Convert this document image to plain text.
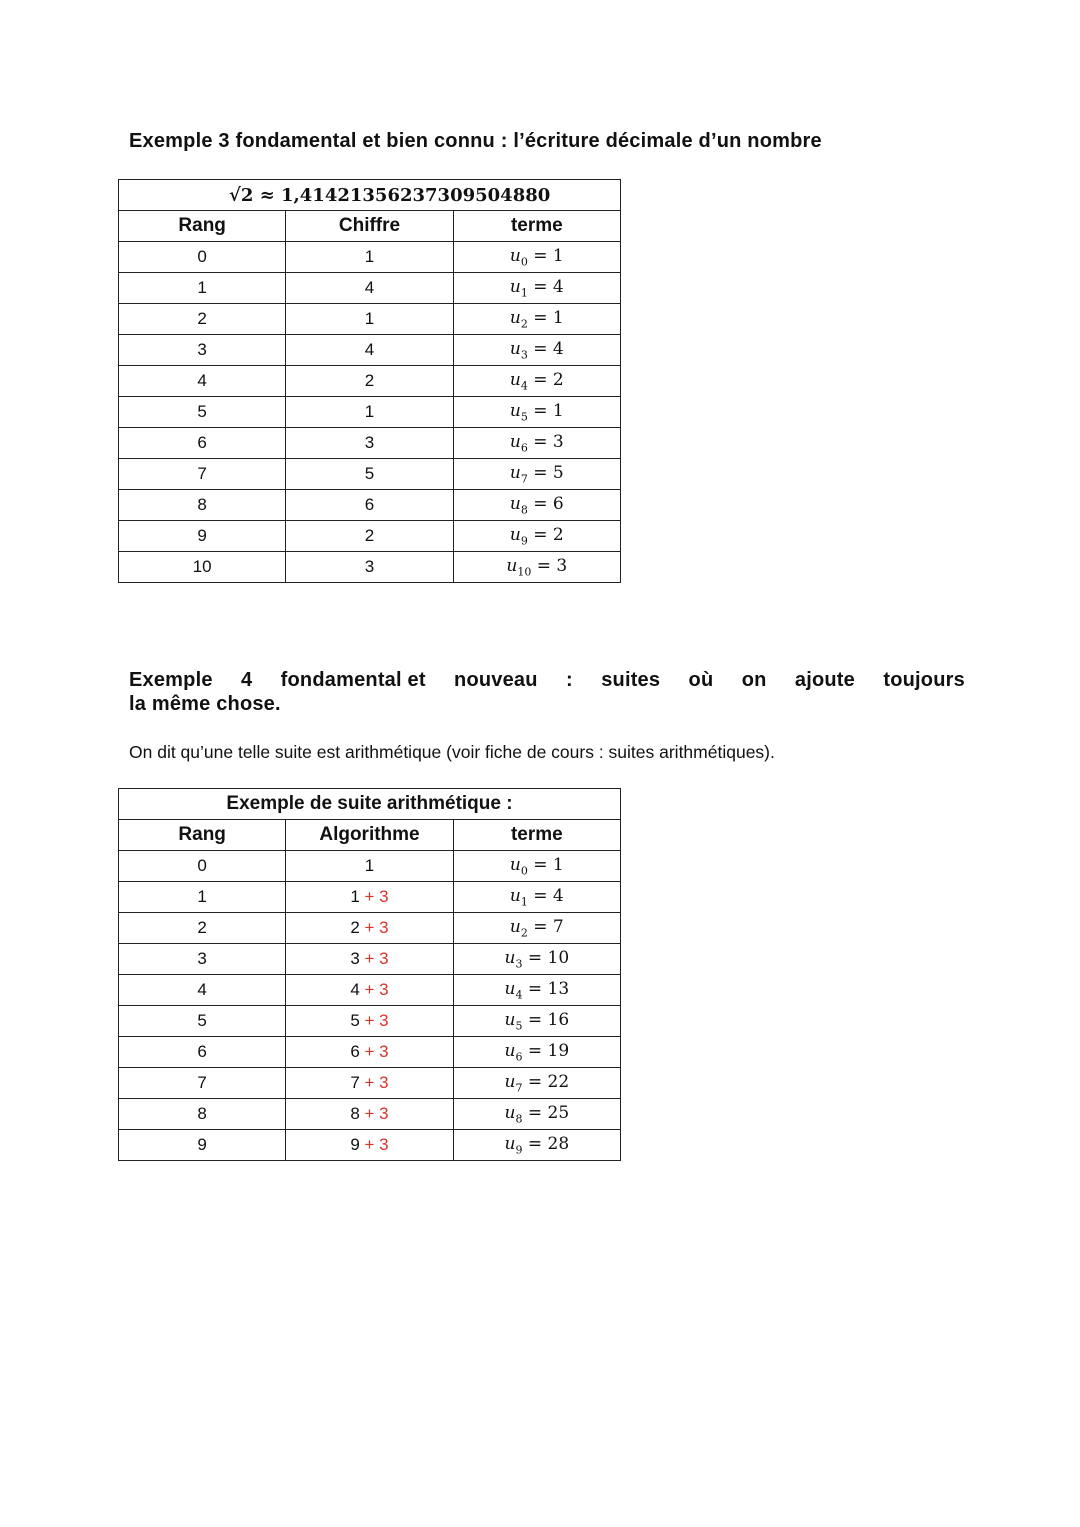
Exemple 3 fondamental et bien connu : l’écriture décimale d’un nombre
√2 ≈ 1,41421356237309504880		
Rang	Chiffre	terme
0	1	$u_0 = 1$
1	4	$u_1 = 4$
2	1	$u_2 = 1$
3	4	$u_3 = 4$
4	2	$u_4 = 2$
5	1	$u_5 = 1$
6	3	$u_6 = 3$
7	5	$u_7 = 5$
8	6	$u_8 = 6$
9	2	$u_9 = 2$
10	3	$u_{10} = 3$
Exemple 4 fondamental et nouveau : suites où on ajoute toujours
la même chose.
On dit qu’une telle suite est arithmétique (voir fiche de cours : suites arithmétiques).
Exemple de suite arithmétique :		
Rang	Algorithme	terme
0	1	$u_0 = 1$
1	1 + 3	$u_1 = 4$
2	2 + 3	$u_2 = 7$
3	3 + 3	$u_3 = 10$
4	4 + 3	$u_4 = 13$
5	5 + 3	$u_5 = 16$
6	6 + 3	$u_6 = 19$
7	7 + 3	$u_7 = 22$
8	8 + 3	$u_8 = 25$
9	9 + 3	$u_9 = 28$
